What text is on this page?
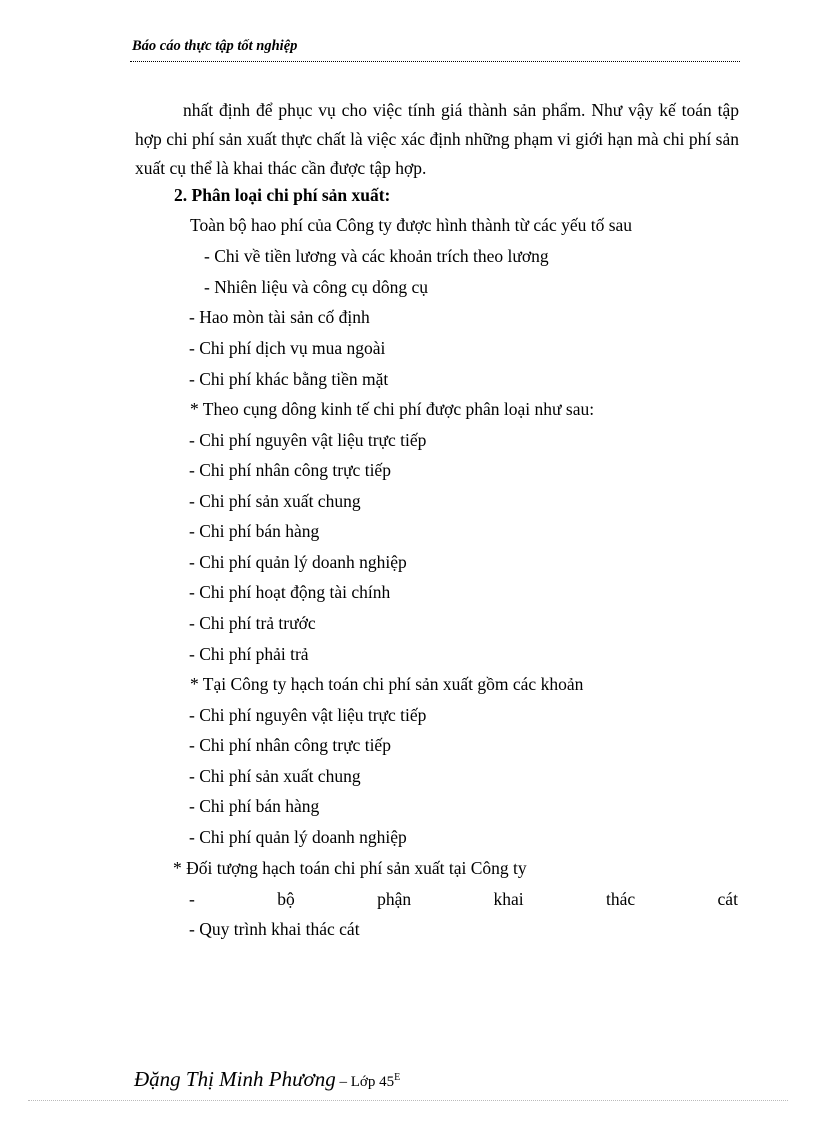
Báo cáo thực tập tốt nghiệp

nhất định để phục vụ cho việc tính giá thành sản phẩm. Như vậy kế toán tập hợp chi phí sản xuất thực chất là việc xác định những phạm vi giới hạn mà chi phí sản xuất cụ thể là khai thác cần được tập hợp.

2. Phân loại chi phí sản xuất:
Toàn bộ hao phí của Công ty được hình thành từ các yếu tố sau
- Chi về tiền lương và các khoản trích theo lương
- Nhiên liệu và công cụ dông cụ
- Hao mòn tài sản cố định
- Chi phí dịch vụ mua ngoài
- Chi phí khác bằng tiền mặt
* Theo cụng dông kinh tế chi phí được phân loại như sau:
- Chi phí nguyên vật liệu trực tiếp
- Chi phí nhân công trực tiếp
- Chi phí sản xuất chung
- Chi phí bán hàng
- Chi phí quản lý doanh nghiệp
- Chi phí hoạt động tài chính
- Chi phí trả trước
- Chi phí phải trả
* Tại Công ty hạch toán chi phí sản xuất gồm các khoản
- Chi phí nguyên vật liệu trực tiếp
- Chi phí nhân công trực tiếp
- Chi phí sản xuất chung
- Chi phí bán hàng
- Chi phí quản lý doanh nghiệp
* Đối tượng hạch toán chi phí sản xuất tại Công ty
-	bộ	phận	khai	thác	cát
- Quy trình khai thác cát
Đặng Thị Minh Phương – Lớp $45^E$
